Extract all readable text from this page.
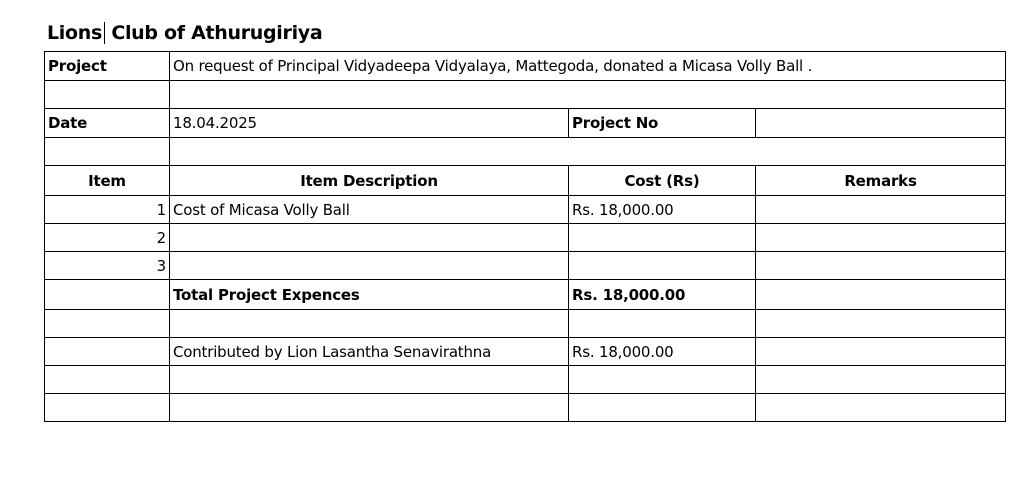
Lions Club of Athurugiriya
Project	On request of Principal Vidyadeepa Vidyalaya, Mattegoda, donated a Micasa Volly Ball .		

Date	18.04.2025	Project No	

Item	Item Description	Cost (Rs)	Remarks
1	Cost of Micasa Volly Ball	Rs. 18,000.00	
2			
3			
	Total Project Expences	Rs. 18,000.00	

	Contributed by Lion Lasantha Senavirathna	Rs. 18,000.00	
